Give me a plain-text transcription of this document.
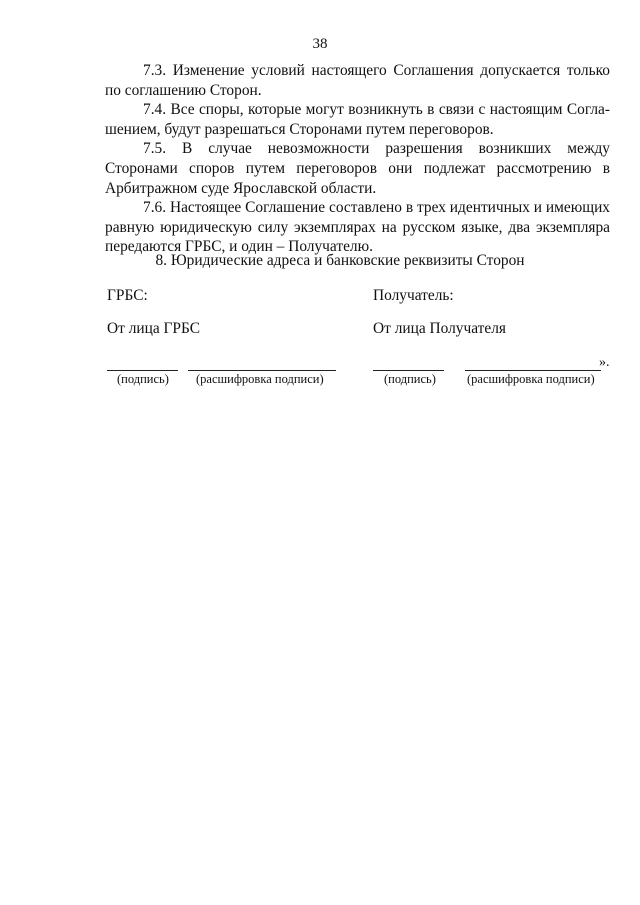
38

7.3. Изменение условий настоящего Соглашения допускается только по соглашению Сторон.

7.4. Все споры, которые могут возникнуть в связи с настоящим Соглашением, будут разрешаться Сторонами путем переговоров.

7.5. В случае невозможности разрешения возникших между Сторонами споров путем переговоров они подлежат рассмотрению в Арбитражном суде Ярославской области.

7.6. Настоящее Соглашение составлено в трех идентичных и имеющих равную юридическую силу экземплярах на русском языке, два экземпляра передаются ГРБС, и один – Получателю.

8. Юридические адреса и банковские реквизиты Сторон
ГРБС:
От лица ГРБС
(подпись) (расшифровка подписи)
Получатель:
От лица Получателя
».
(подпись) (расшифровка подписи)
